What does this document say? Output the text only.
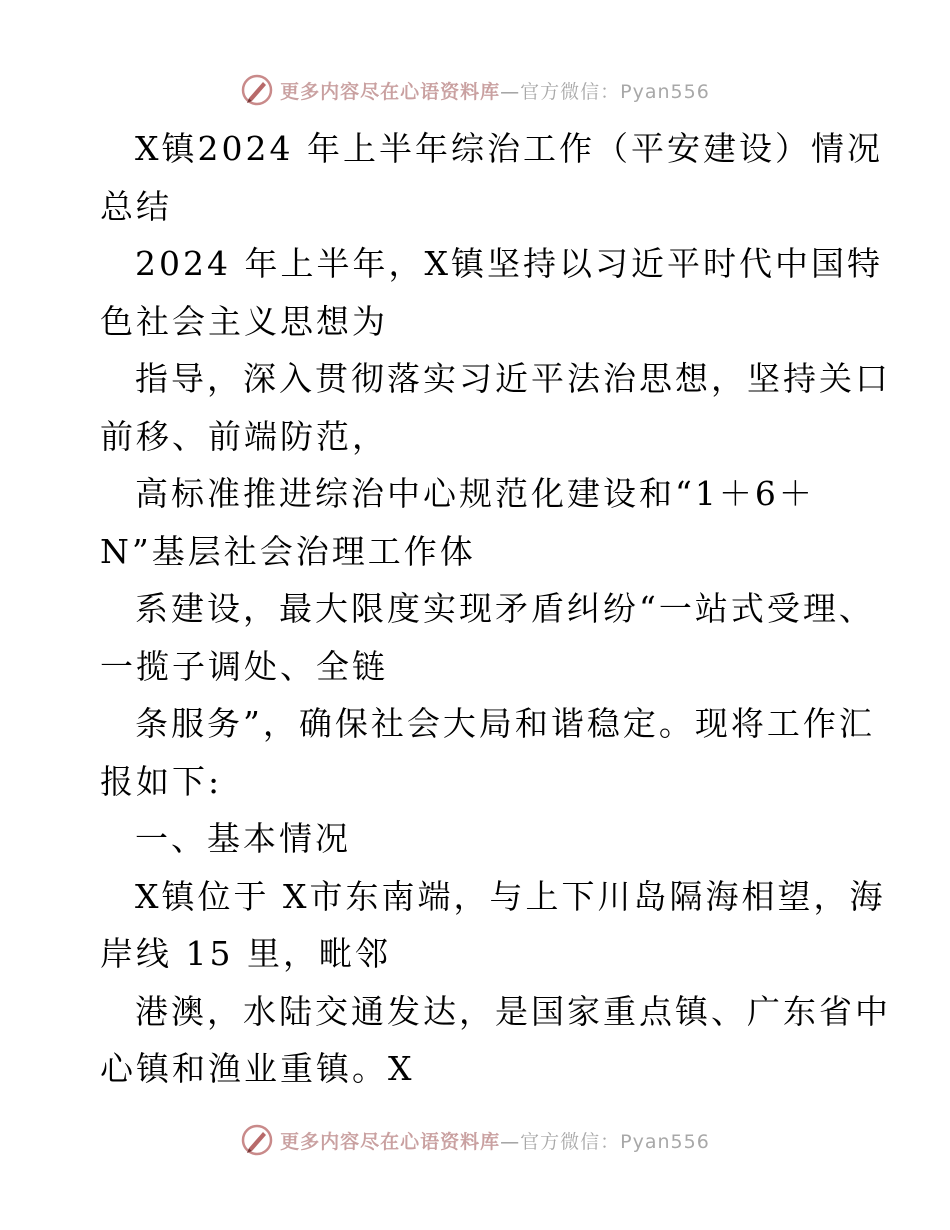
更多内容尽在心语资料库—官方微信：Pyan556
X镇2024 年上半年综治工作（平安建设）情况
总结
2024 年上半年，X镇坚持以习近平时代中国特
色社会主义思想为
指导，深入贯彻落实习近平法治思想，坚持关口
前移、前端防范，
高标准推进综治中心规范化建设和“1＋6＋
N”基层社会治理工作体
系建设，最大限度实现矛盾纠纷“一站式受理、
一揽子调处、全链
条服务”，确保社会大局和谐稳定。现将工作汇
报如下:
一、基本情况
X镇位于 X市东南端，与上下川岛隔海相望，海
岸线 15 里，毗邻
港澳，水陆交通发达，是国家重点镇、广东省中
心镇和渔业重镇。X
更多内容尽在心语资料库—官方微信：Pyan556
